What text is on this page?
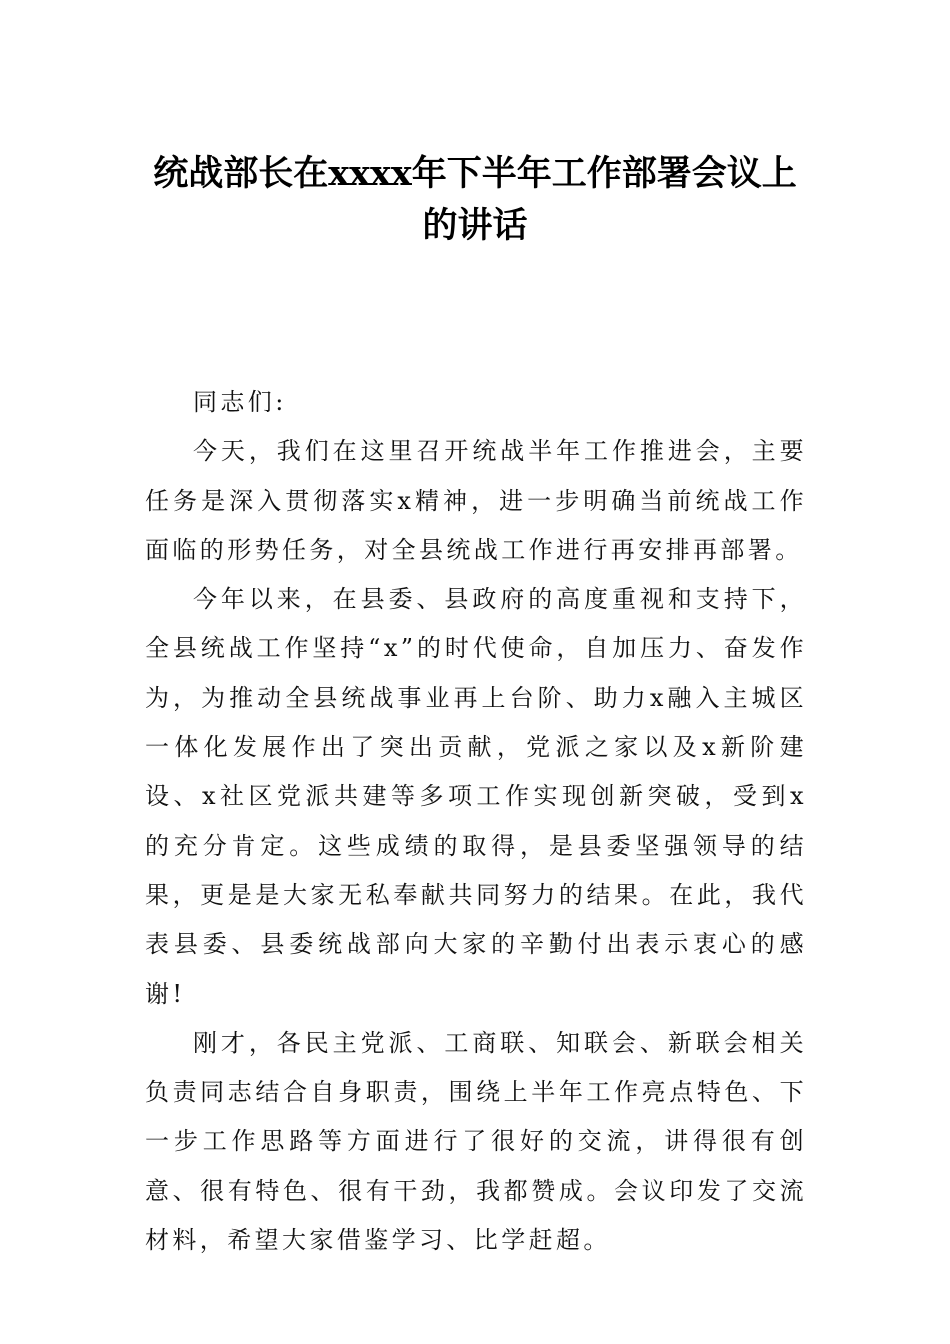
统战部长在xxxx年下半年工作部署会议上
的讲话

同志们:

今天，我们在这里召开统战半年工作推进会，主要任务是深入贯彻落实x精神，进一步明确当前统战工作面临的形势任务，对全县统战工作进行再安排再部署。

今年以来，在县委、县政府的高度重视和支持下，全县统战工作坚持“x”的时代使命，自加压力、奋发作为，为推动全县统战事业再上台阶、助力x融入主城区一体化发展作出了突出贡献，党派之家以及x新阶建设、x社区党派共建等多项工作实现创新突破，受到x的充分肯定。这些成绩的取得，是县委坚强领导的结果，更是是大家无私奉献共同努力的结果。在此，我代表县委、县委统战部向大家的辛勤付出表示衷心的感谢!

刚才，各民主党派、工商联、知联会、新联会相关负责同志结合自身职责，围绕上半年工作亮点特色、下一步工作思路等方面进行了很好的交流，讲得很有创意、很有特色、很有干劲，我都赞成。会议印发了交流材料，希望大家借鉴学习、比学赶超。
